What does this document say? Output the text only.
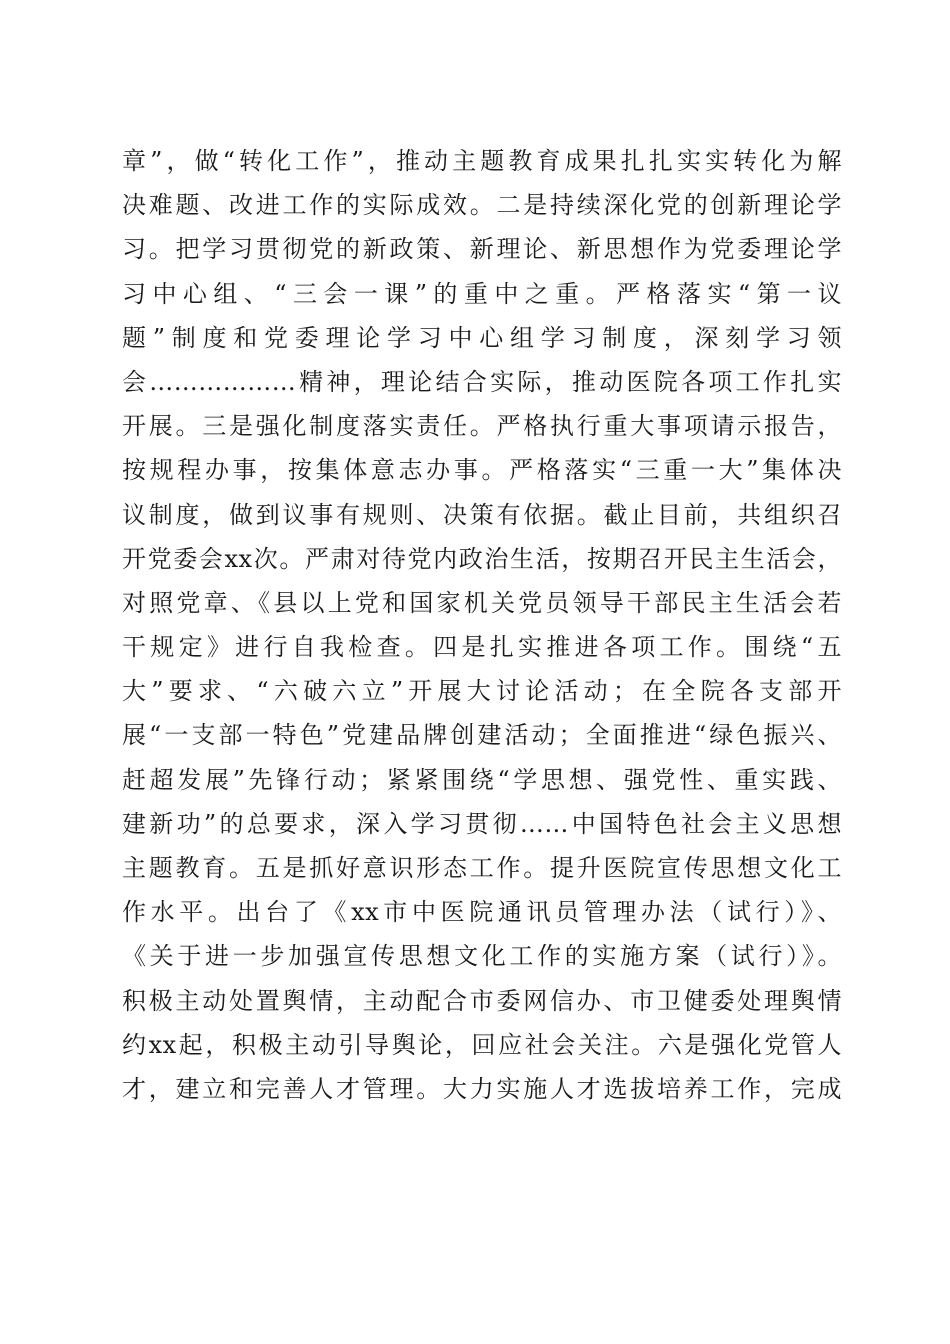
章”，做“转化工作”，推动主题教育成果扎扎实实转化为解
决难题、改进工作的实际成效。二是持续深化党的创新理论学
习。把学习贯彻党的新政策、新理论、新思想作为党委理论学
习中心组、“三会一课”的重中之重。严格落实“第一议
题”制度和党委理论学习中心组学习制度，深刻学习领
会………………精神，理论结合实际，推动医院各项工作扎实
开展。三是强化制度落实责任。严格执行重大事项请示报告，
按规程办事，按集体意志办事。严格落实“三重一大”集体决
议制度，做到议事有规则、决策有依据。截止目前，共组织召
开党委会xx次。严肃对待党内政治生活，按期召开民主生活会，
对照党章、《县以上党和国家机关党员领导干部民主生活会若
干规定》进行自我检查。四是扎实推进各项工作。围绕“五
大”要求、“六破六立”开展大讨论活动；在全院各支部开
展“一支部一特色”党建品牌创建活动；全面推进“绿色振兴、
赶超发展”先锋行动；紧紧围绕“学思想、强党性、重实践、
建新功”的总要求，深入学习贯彻……中国特色社会主义思想
主题教育。五是抓好意识形态工作。提升医院宣传思想文化工
作水平。出台了《xx市中医院通讯员管理办法（试行）》、
《关于进一步加强宣传思想文化工作的实施方案（试行）》。
积极主动处置舆情，主动配合市委网信办、市卫健委处理舆情
约xx起，积极主动引导舆论，回应社会关注。六是强化党管人
才，建立和完善人才管理。大力实施人才选拔培养工作，完成
